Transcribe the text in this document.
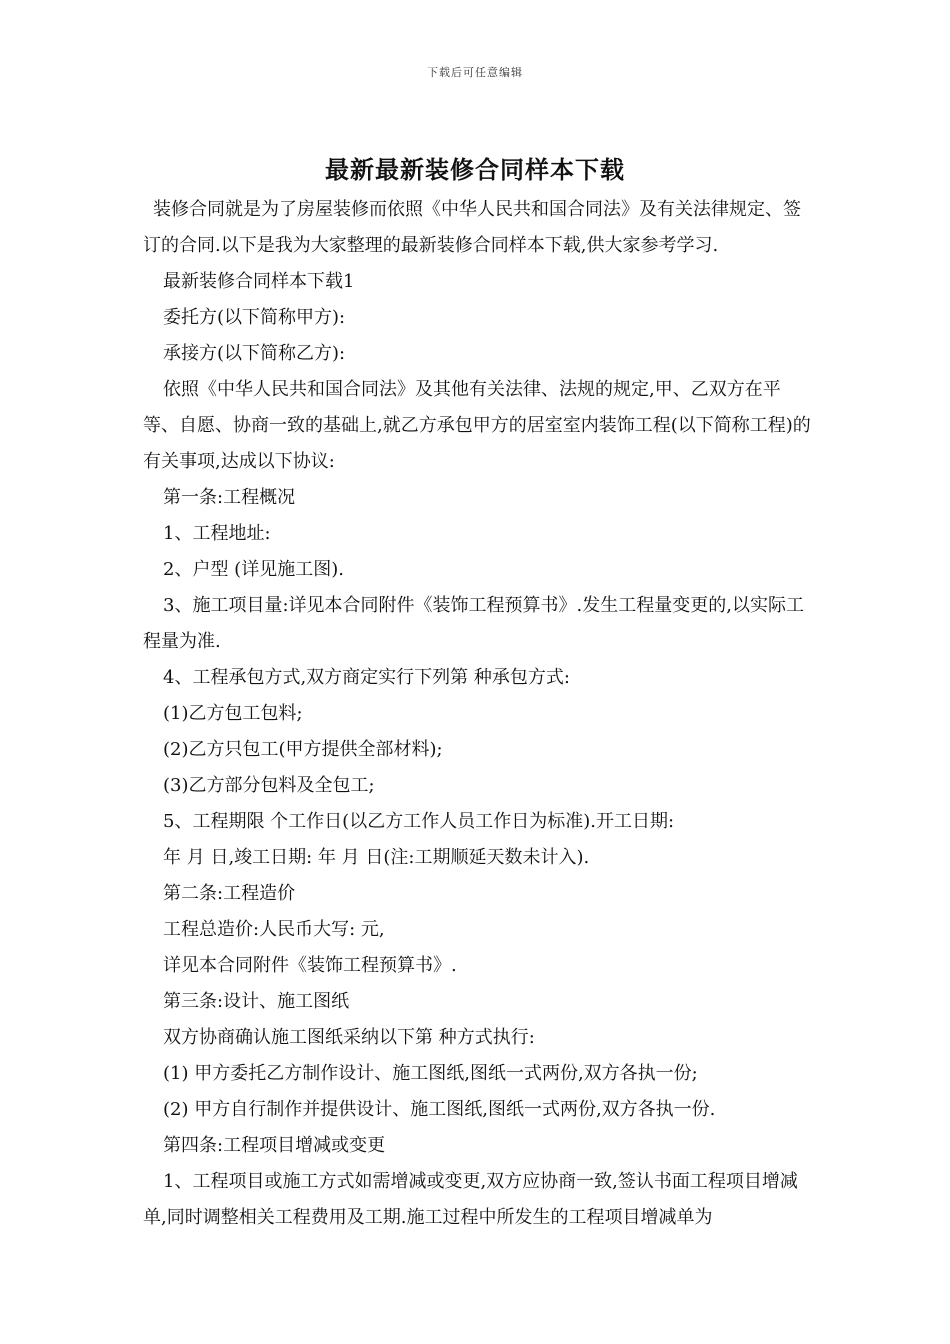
下载后可任意编辑
最新最新装修合同样本下载

装修合同就是为了房屋装修而依照《中华人民共和国合同法》及有关法律规定、签订的合同.以下是我为大家整理的最新装修合同样本下载,供大家参考学习.

最新装修合同样本下载1

委托方(以下简称甲方):

承接方(以下简称乙方):

依照《中华人民共和国合同法》及其他有关法律、法规的规定,甲、乙双方在平等、自愿、协商一致的基础上,就乙方承包甲方的居室室内装饰工程(以下简称工程)的有关事项,达成以下协议:

第一条:工程概况

1、工程地址:

2、户型 (详见施工图).

3、施工项目量:详见本合同附件《装饰工程预算书》.发生工程量变更的,以实际工程量为准.

4、工程承包方式,双方商定实行下列第 种承包方式:

(1)乙方包工包料;

(2)乙方只包工(甲方提供全部材料);

(3)乙方部分包料及全包工;

5、工程期限 个工作日(以乙方工作人员工作日为标准).开工日期:

年 月 日,竣工日期: 年 月 日(注:工期顺延天数未计入).

第二条:工程造价

工程总造价:人民币大写: 元,

详见本合同附件《装饰工程预算书》.

第三条:设计、施工图纸

双方协商确认施工图纸采纳以下第 种方式执行:

(1) 甲方委托乙方制作设计、施工图纸,图纸一式两份,双方各执一份;

(2) 甲方自行制作并提供设计、施工图纸,图纸一式两份,双方各执一份.

第四条:工程项目增减或变更

1、工程项目或施工方式如需增减或变更,双方应协商一致,签认书面工程项目增减单,同时调整相关工程费用及工期.施工过程中所发生的工程项目增减单为
